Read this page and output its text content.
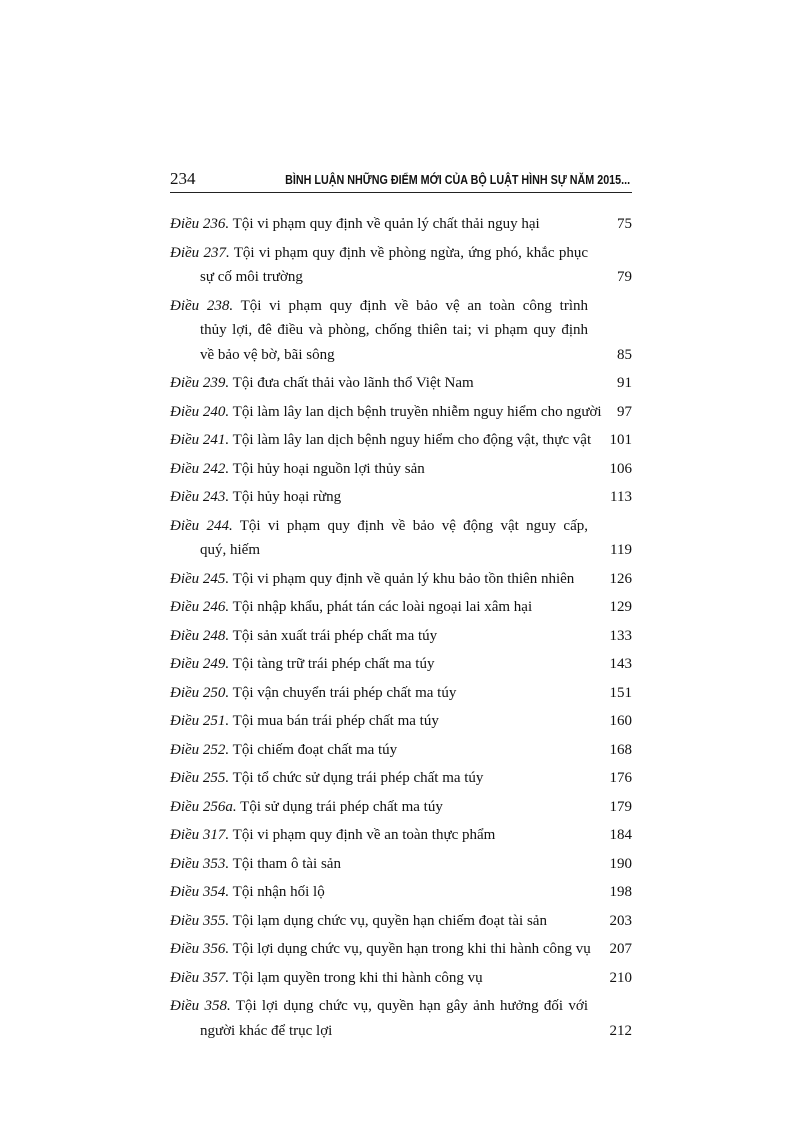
234	BÌNH LUẬN NHỮNG ĐIỂM MỚI CỦA BỘ LUẬT HÌNH SỰ NĂM 2015...
Điều 236. Tội vi phạm quy định về quản lý chất thải nguy hại	75
Điều 237. Tội vi phạm quy định về phòng ngừa, ứng phó, khắc phục
sự cố môi trường	79
Điều 238. Tội vi phạm quy định về bảo vệ an toàn công trình
thủy lợi, đê điều và phòng, chống thiên tai; vi phạm quy định
về bảo vệ bờ, bãi sông	85
Điều 239. Tội đưa chất thải vào lãnh thổ Việt Nam	91
Điều 240. Tội làm lây lan dịch bệnh truyền nhiễm nguy hiểm cho người	97
Điều 241. Tội làm lây lan dịch bệnh nguy hiểm cho động vật, thực vật	101
Điều 242. Tội hủy hoại nguồn lợi thủy sản	106
Điều 243. Tội hủy hoại rừng	113
Điều 244. Tội vi phạm quy định về bảo vệ động vật nguy cấp,
quý, hiếm	119
Điều 245. Tội vi phạm quy định về quản lý khu bảo tồn thiên nhiên	126
Điều 246. Tội nhập khẩu, phát tán các loài ngoại lai xâm hại	129
Điều 248. Tội sản xuất trái phép chất ma túy	133
Điều 249. Tội tàng trữ trái phép chất ma túy	143
Điều 250. Tội vận chuyển trái phép chất ma túy	151
Điều 251. Tội mua bán trái phép chất ma túy	160
Điều 252. Tội chiếm đoạt chất ma túy	168
Điều 255. Tội tổ chức sử dụng trái phép chất ma túy	176
Điều 256a. Tội sử dụng trái phép chất ma túy	179
Điều 317. Tội vi phạm quy định về an toàn thực phẩm	184
Điều 353. Tội tham ô tài sản	190
Điều 354. Tội nhận hối lộ	198
Điều 355. Tội lạm dụng chức vụ, quyền hạn chiếm đoạt tài sản	203
Điều 356. Tội lợi dụng chức vụ, quyền hạn trong khi thi hành công vụ	207
Điều 357. Tội lạm quyền trong khi thi hành công vụ	210
Điều 358. Tội lợi dụng chức vụ, quyền hạn gây ảnh hưởng đối với
người khác để trục lợi	212
